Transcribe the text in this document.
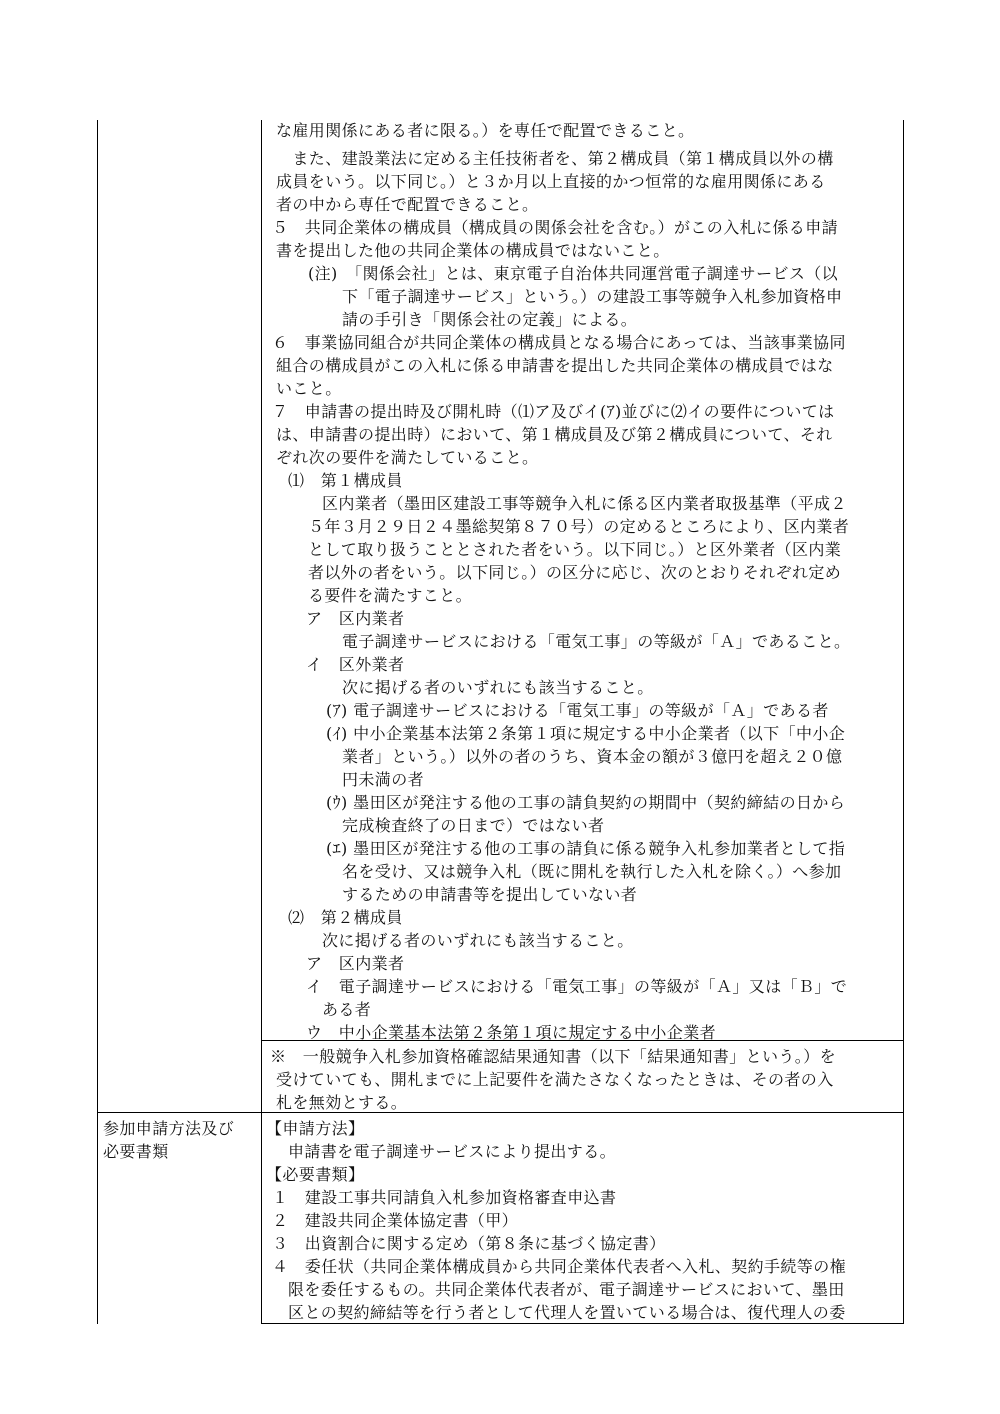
な雇用関係にある者に限る。）を専任で配置できること。
　また、建設業法に定める主任技術者を、第２構成員（第１構成員以外の構
成員をいう。以下同じ。）と３か月以上直接的かつ恒常的な雇用関係にある
者の中から専任で配置できること。
５　共同企業体の構成員（構成員の関係会社を含む。）がこの入札に係る申請
書を提出した他の共同企業体の構成員ではないこと。
(注)　「関係会社」とは、東京電子自治体共同運営電子調達サービス（以
下「電子調達サービス」という。）の建設工事等競争入札参加資格申
請の手引き「関係会社の定義」による。
６　事業協同組合が共同企業体の構成員となる場合にあっては、当該事業協同
組合の構成員がこの入札に係る申請書を提出した共同企業体の構成員ではな
いこと。
７　申請書の提出時及び開札時（⑴ア及びイ(ｱ)並びに⑵イの要件については
は、申請書の提出時）において、第１構成員及び第２構成員について、それ
ぞれ次の要件を満たしていること。
⑴　第１構成員
区内業者（墨田区建設工事等競争入札に係る区内業者取扱基準（平成２
５年３月２９日２４墨総契第８７０号）の定めるところにより、区内業者
として取り扱うこととされた者をいう。以下同じ。）と区外業者（区内業
者以外の者をいう。以下同じ。）の区分に応じ、次のとおりそれぞれ定め
る要件を満たすこと。
ア　区内業者
電子調達サービスにおける「電気工事」の等級が「Ａ」であること。
イ　区外業者
次に掲げる者のいずれにも該当すること。
(ｱ) 電子調達サービスにおける「電気工事」の等級が「Ａ」である者
(ｲ) 中小企業基本法第２条第１項に規定する中小企業者（以下「中小企
業者」という。）以外の者のうち、資本金の額が３億円を超え２０億
円未満の者
(ｳ) 墨田区が発注する他の工事の請負契約の期間中（契約締結の日から
完成検査終了の日まで）ではない者
(ｴ) 墨田区が発注する他の工事の請負に係る競争入札参加業者として指
名を受け、又は競争入札（既に開札を執行した入札を除く。）へ参加
するための申請書等を提出していない者
⑵　第２構成員
次に掲げる者のいずれにも該当すること。
ア　区内業者
イ　電子調達サービスにおける「電気工事」の等級が「Ａ」又は「Ｂ」で
ある者
ウ　中小企業基本法第２条第１項に規定する中小企業者
※　一般競争入札参加資格確認結果通知書（以下「結果通知書」という。）を
受けていても、開札までに上記要件を満たさなくなったときは、その者の入
札を無効とする。
参加申請方法及び
必要書類
【申請方法】
申請書を電子調達サービスにより提出する。
【必要書類】
１　建設工事共同請負入札参加資格審査申込書
２　建設共同企業体協定書（甲）
３　出資割合に関する定め（第８条に基づく協定書）
４　委任状（共同企業体構成員から共同企業体代表者へ入札、契約手続等の権
限を委任するもの。共同企業体代表者が、電子調達サービスにおいて、墨田
区との契約締結等を行う者として代理人を置いている場合は、復代理人の委
